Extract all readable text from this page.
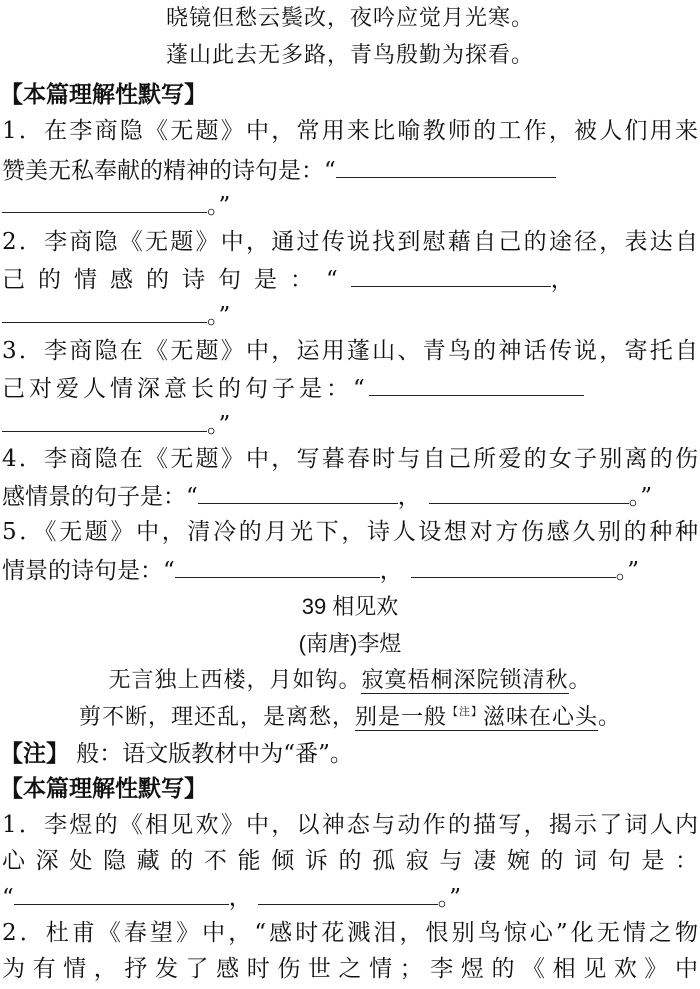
晓镜但愁云鬓改，夜吟应觉月光寒。
蓬山此去无多路，青鸟殷勤为探看。
【本篇理解性默写】
1．在李商隐《无题》中，常用来比喻教师的工作，被人们用来
赞美无私奉献的精神的诗句是：“
。”
2．李商隐《无题》中，通过传说找到慰藉自己的途径，表达自
己的情感的诗句是：“	，
。”
3．李商隐在《无题》中，运用蓬山、青鸟的神话传说，寄托自
己对爱人情深意长的句子是：“
。”
4．李商隐在《无题》中，写暮春时与自己所爱的女子别离的伤
感情景的句子是：“	，	。”
5．《无题》中，清冷的月光下，诗人设想对方伤感久别的种种
情景的诗句是：“	，	。”
39 相见欢
(南唐)李煜
无言独上西楼，月如钩。寂寞梧桐深院锁清秋。
剪不断，理还乱，是离愁，别是一般$^{【注】}$滋味在心头。
【注】 般：语文版教材中为“番”。
【本篇理解性默写】
1．李煜的《相见欢》中，以神态与动作的描写，揭示了词人内
心深处隐藏的不能倾诉的孤寂与凄婉的词句是：
“	，	。”
2．杜甫《春望》中，“感时花溅泪，恨别鸟惊心”化无情之物
为有情，抒发了感时伤世之情；李煜的《相见欢》中
